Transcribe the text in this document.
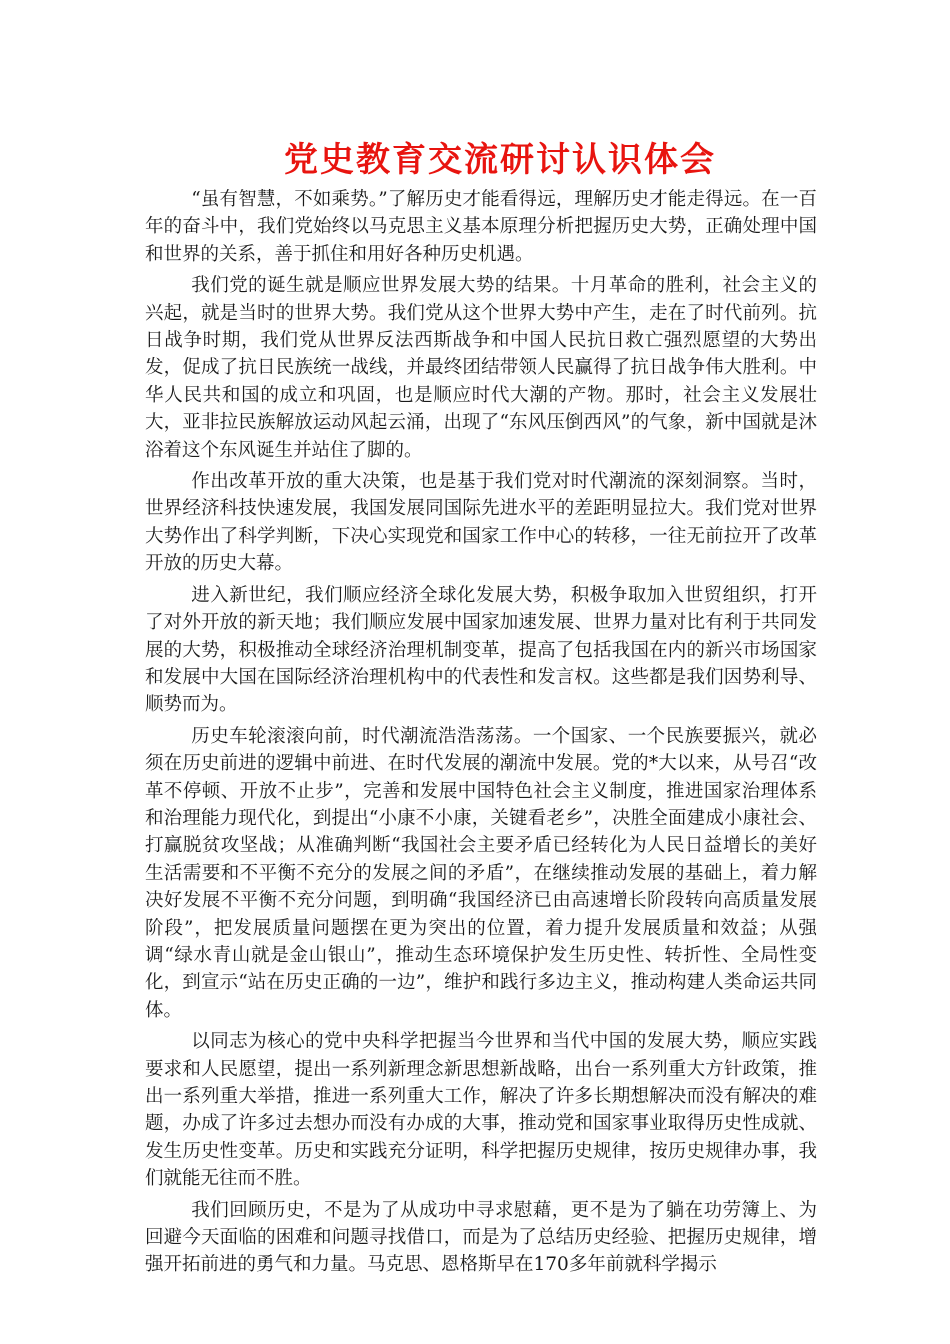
党史教育交流研讨认识体会

“虽有智慧，不如乘势。”了解历史才能看得远，理解历史才能走得远。在一百年的奋斗中，我们党始终以马克思主义基本原理分析把握历史大势，正确处理中国和世界的关系，善于抓住和用好各种历史机遇。

我们党的诞生就是顺应世界发展大势的结果。十月革命的胜利，社会主义的兴起，就是当时的世界大势。我们党从这个世界大势中产生，走在了时代前列。抗日战争时期，我们党从世界反法西斯战争和中国人民抗日救亡强烈愿望的大势出发，促成了抗日民族统一战线，并最终团结带领人民赢得了抗日战争伟大胜利。中华人民共和国的成立和巩固，也是顺应时代大潮的产物。那时，社会主义发展壮大，亚非拉民族解放运动风起云涌，出现了“东风压倒西风”的气象，新中国就是沐浴着这个东风诞生并站住了脚的。

作出改革开放的重大决策，也是基于我们党对时代潮流的深刻洞察。当时，世界经济科技快速发展，我国发展同国际先进水平的差距明显拉大。我们党对世界大势作出了科学判断，下决心实现党和国家工作中心的转移，一往无前拉开了改革开放的历史大幕。

进入新世纪，我们顺应经济全球化发展大势，积极争取加入世贸组织，打开了对外开放的新天地；我们顺应发展中国家加速发展、世界力量对比有利于共同发展的大势，积极推动全球经济治理机制变革，提高了包括我国在内的新兴市场国家和发展中大国在国际经济治理机构中的代表性和发言权。这些都是我们因势利导、顺势而为。

历史车轮滚滚向前，时代潮流浩浩荡荡。一个国家、一个民族要振兴，就必须在历史前进的逻辑中前进、在时代发展的潮流中发展。党的*大以来，从号召“改革不停顿、开放不止步”，完善和发展中国特色社会主义制度，推进国家治理体系和治理能力现代化，到提出“小康不小康，关键看老乡”，决胜全面建成小康社会、打赢脱贫攻坚战；从准确判断“我国社会主要矛盾已经转化为人民日益增长的美好生活需要和不平衡不充分的发展之间的矛盾”，在继续推动发展的基础上，着力解决好发展不平衡不充分问题，到明确“我国经济已由高速增长阶段转向高质量发展阶段”，把发展质量问题摆在更为突出的位置，着力提升发展质量和效益；从强调“绿水青山就是金山银山”，推动生态环境保护发生历史性、转折性、全局性变化，到宣示“站在历史正确的一边”，维护和践行多边主义，推动构建人类命运共同体。

以同志为核心的党中央科学把握当今世界和当代中国的发展大势，顺应实践要求和人民愿望，提出一系列新理念新思想新战略，出台一系列重大方针政策，推出一系列重大举措，推进一系列重大工作，解决了许多长期想解决而没有解决的难题，办成了许多过去想办而没有办成的大事，推动党和国家事业取得历史性成就、发生历史性变革。历史和实践充分证明，科学把握历史规律，按历史规律办事，我们就能无往而不胜。

我们回顾历史，不是为了从成功中寻求慰藉，更不是为了躺在功劳簿上、为回避今天面临的困难和问题寻找借口，而是为了总结历史经验、把握历史规律，增强开拓前进的勇气和力量。马克思、恩格斯早在170多年前就科学揭示
